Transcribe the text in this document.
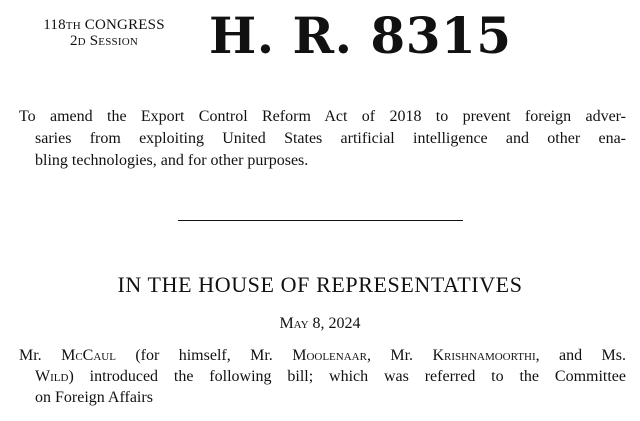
118th CONGRESS
2d Session	H. R. 8315
To amend the Export Control Reform Act of 2018 to prevent foreign adver-
saries from exploiting United States artificial intelligence and other ena-
bling technologies, and for other purposes.
IN THE HOUSE OF REPRESENTATIVES
May 8, 2024
Mr. McCaul (for himself, Mr. Moolenaar, Mr. Krishnamoorthi, and Ms.
Wild) introduced the following bill; which was referred to the Committee
on Foreign Affairs
